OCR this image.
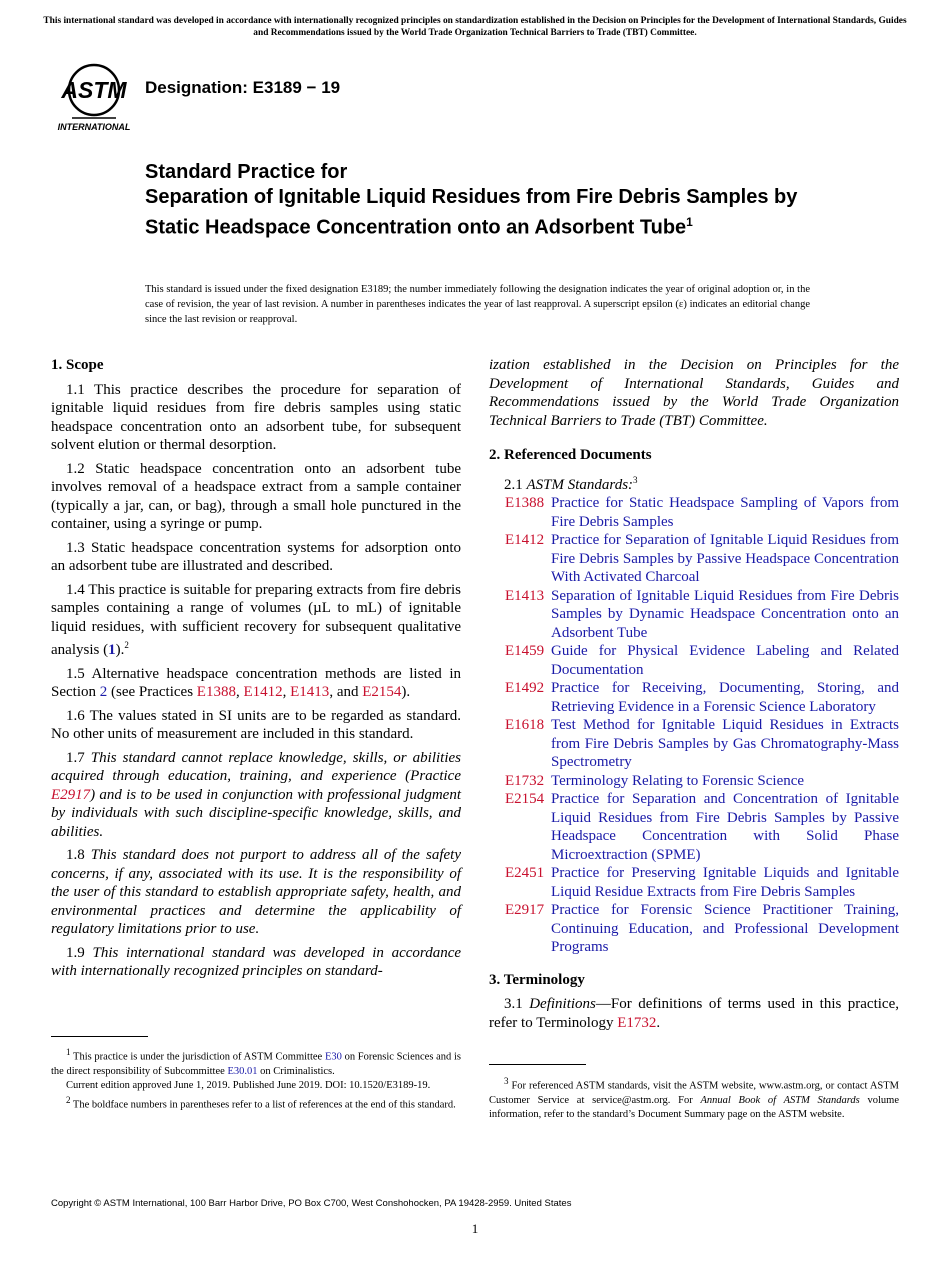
This international standard was developed in accordance with internationally recognized principles on standardization established in the Decision on Principles for the Development of International Standards, Guides and Recommendations issued by the World Trade Organization Technical Barriers to Trade (TBT) Committee.
ASTM
INTERNATIONAL
Designation: E3189 − 19
Standard Practice for
Separation of Ignitable Liquid Residues from Fire Debris Samples by Static Headspace Concentration onto an Adsorbent Tube$^1$
This standard is issued under the fixed designation E3189; the number immediately following the designation indicates the year of original adoption or, in the case of revision, the year of last revision. A number in parentheses indicates the year of last reapproval. A superscript epsilon (ε) indicates an editorial change since the last revision or reapproval.
1. Scope

1.1 This practice describes the procedure for separation of ignitable liquid residues from fire debris samples using static headspace concentration onto an adsorbent tube, for subsequent solvent elution or thermal desorption.

1.2 Static headspace concentration onto an adsorbent tube involves removal of a headspace extract from a sample container (typically a jar, can, or bag), through a small hole punctured in the container, using a syringe or pump.

1.3 Static headspace concentration systems for adsorption onto an adsorbent tube are illustrated and described.

1.4 This practice is suitable for preparing extracts from fire debris samples containing a range of volumes (µL to mL) of ignitable liquid residues, with sufficient recovery for subsequent qualitative analysis (1).$^2$

1.5 Alternative headspace concentration methods are listed in Section 2 (see Practices E1388, E1412, E1413, and E2154).

1.6 The values stated in SI units are to be regarded as standard. No other units of measurement are included in this standard.

1.7 This standard cannot replace knowledge, skills, or abilities acquired through education, training, and experience (Practice E2917) and is to be used in conjunction with professional judgment by individuals with such discipline-specific knowledge, skills, and abilities.

1.8 This standard does not purport to address all of the safety concerns, if any, associated with its use. It is the responsibility of the user of this standard to establish appropriate safety, health, and environmental practices and determine the applicability of regulatory limitations prior to use.

1.9 This international standard was developed in accordance with internationally recognized principles on standard-

ization established in the Decision on Principles for the Development of International Standards, Guides and Recommendations issued by the World Trade Organization Technical Barriers to Trade (TBT) Committee.

2. Referenced Documents

2.1 ASTM Standards:$^3$

E1388 Practice for Static Headspace Sampling of Vapors from Fire Debris Samples
E1412 Practice for Separation of Ignitable Liquid Residues from Fire Debris Samples by Passive Headspace Concentration With Activated Charcoal
E1413 Separation of Ignitable Liquid Residues from Fire Debris Samples by Dynamic Headspace Concentration onto an Adsorbent Tube
E1459 Guide for Physical Evidence Labeling and Related Documentation
E1492 Practice for Receiving, Documenting, Storing, and Retrieving Evidence in a Forensic Science Laboratory
E1618 Test Method for Ignitable Liquid Residues in Extracts from Fire Debris Samples by Gas Chromatography-Mass Spectrometry
E1732 Terminology Relating to Forensic Science
E2154 Practice for Separation and Concentration of Ignitable Liquid Residues from Fire Debris Samples by Passive Headspace Concentration with Solid Phase Microextraction (SPME)
E2451 Practice for Preserving Ignitable Liquids and Ignitable Liquid Residue Extracts from Fire Debris Samples
E2917 Practice for Forensic Science Practitioner Training, Continuing Education, and Professional Development Programs
3. Terminology

3.1 Definitions—For definitions of terms used in this practice, refer to Terminology E1732.

$^1$ This practice is under the jurisdiction of ASTM Committee E30 on Forensic Sciences and is the direct responsibility of Subcommittee E30.01 on Criminalistics.

Current edition approved June 1, 2019. Published June 2019. DOI: 10.1520/E3189-19.

$^2$ The boldface numbers in parentheses refer to a list of references at the end of this standard.

$^3$ For referenced ASTM standards, visit the ASTM website, www.astm.org, or contact ASTM Customer Service at service@astm.org. For Annual Book of ASTM Standards volume information, refer to the standard’s Document Summary page on the ASTM website.

Copyright © ASTM International, 100 Barr Harbor Drive, PO Box C700, West Conshohocken, PA 19428-2959. United States
1
